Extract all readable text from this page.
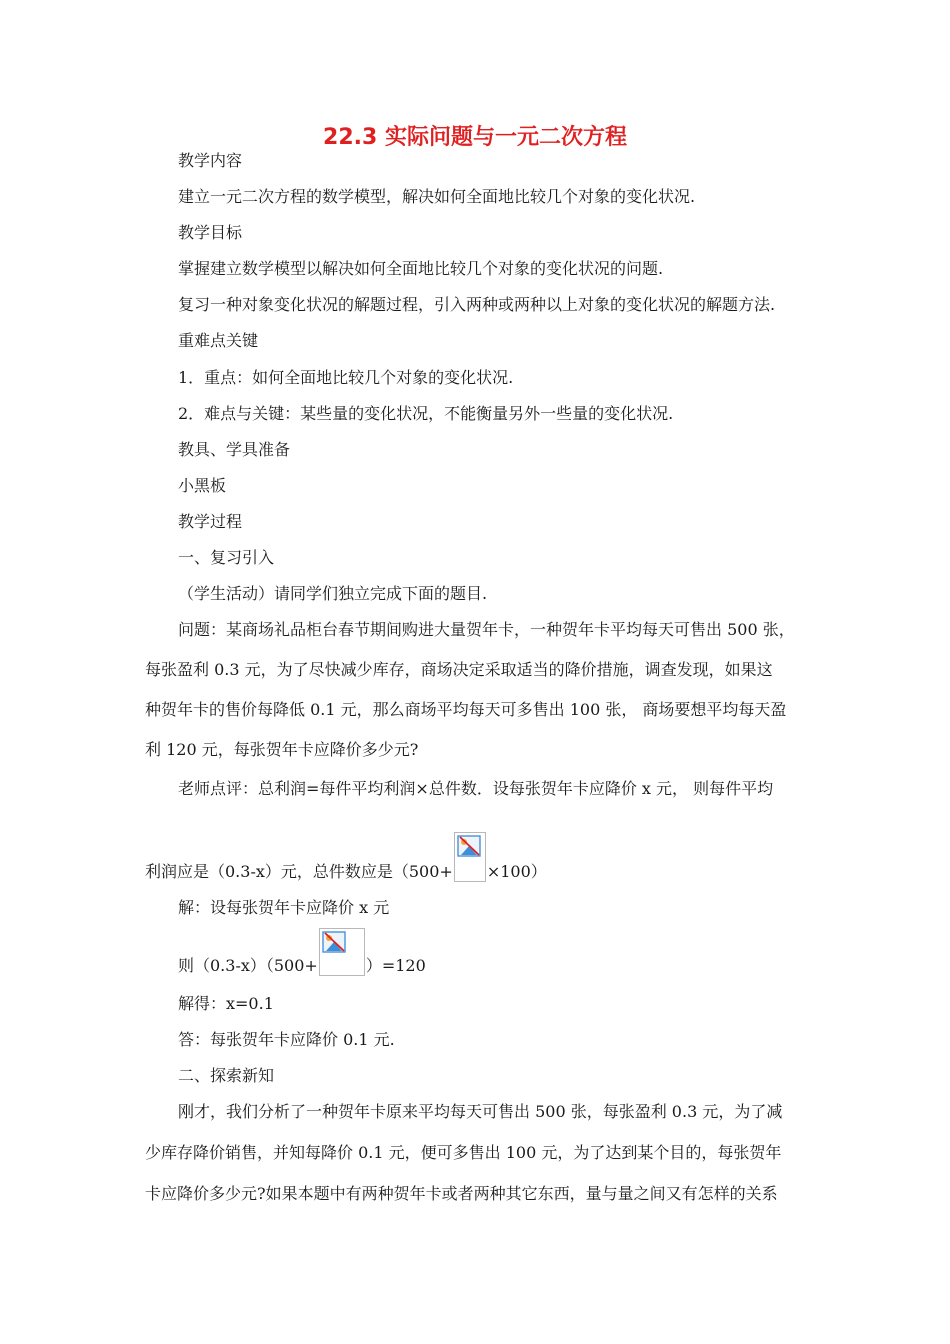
22.3 实际问题与一元二次方程
教学内容
建立一元二次方程的数学模型，解决如何全面地比较几个对象的变化状况.
教学目标
掌握建立数学模型以解决如何全面地比较几个对象的变化状况的问题.
复习一种对象变化状况的解题过程，引入两种或两种以上对象的变化状况的解题方法.
重难点关键
1．重点：如何全面地比较几个对象的变化状况.
2．难点与关键：某些量的变化状况，不能衡量另外一些量的变化状况.
教具、学具准备
小黑板
教学过程
一、复习引入
（学生活动）请同学们独立完成下面的题目.
问题：某商场礼品柜台春节期间购进大量贺年卡，一种贺年卡平均每天可售出 500 张，
每张盈利 0.3 元，为了尽快减少库存，商场决定采取适当的降价措施，调查发现，如果这
种贺年卡的售价每降低 0.1 元，那么商场平均每天可多售出 100 张， 商场要想平均每天盈
利 120 元，每张贺年卡应降价多少元?
老师点评：总利润=每件平均利润×总件数．设每张贺年卡应降价 x 元， 则每件平均
利润应是（0.3-x）元，总件数应是（500+ ×100）
解：设每张贺年卡应降价 x 元
则（0.3-x）（500+	）=120
解得：x=0.1
答：每张贺年卡应降价 0.1 元.
二、探索新知
刚才，我们分析了一种贺年卡原来平均每天可售出 500 张，每张盈利 0.3 元，为了减
少库存降价销售，并知每降价 0.1 元，便可多售出 100 元，为了达到某个目的，每张贺年
卡应降价多少元?如果本题中有两种贺年卡或者两种其它东西，量与量之间又有怎样的关系
